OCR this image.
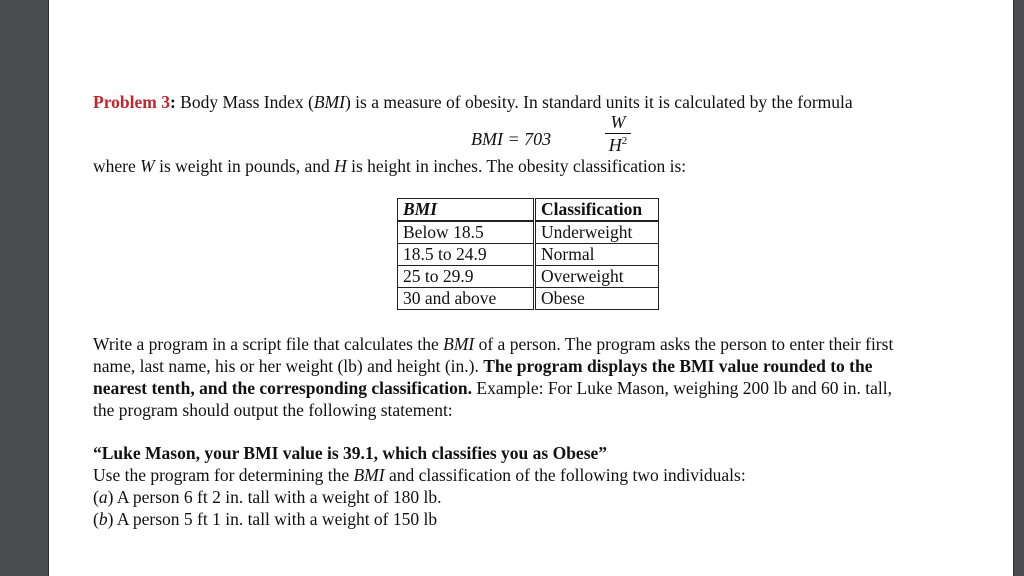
Problem 3: Body Mass Index (BMI) is a measure of obesity. In standard units it is calculated by the formula
BMI = 703
W
$H^2$
where W is weight in pounds, and H is height in inches. The obesity classification is:
BMI	Classification
Below 18.5	Underweight
18.5 to 24.9	Normal
25 to 29.9	Overweight
30 and above	Obese
Write a program in a script file that calculates the BMI of a person. The program asks the person to enter their first
name, last name, his or her weight (lb) and height (in.). The program displays the BMI value rounded to the
nearest tenth, and the corresponding classification. Example: For Luke Mason, weighing 200 lb and 60 in. tall,
the program should output the following statement:
“Luke Mason, your BMI value is 39.1, which classifies you as Obese”
Use the program for determining the BMI and classification of the following two individuals:
(a) A person 6 ft 2 in. tall with a weight of 180 lb.
(b) A person 5 ft 1 in. tall with a weight of 150 lb
